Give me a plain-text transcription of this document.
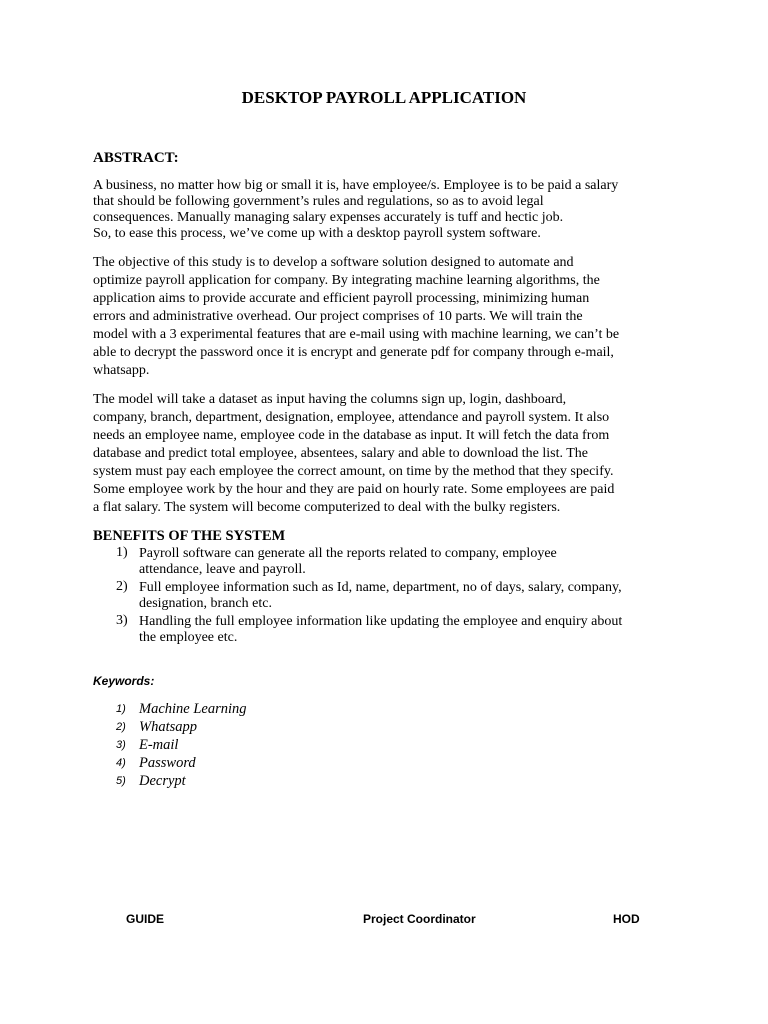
DESKTOP PAYROLL APPLICATION
ABSTRACT:
A business, no matter how big or small it is, have employee/s. Employee is to be paid a salary
that should be following government’s rules and regulations, so as to avoid legal
consequences. Manually managing salary expenses accurately is tuff and hectic job.
So, to ease this process, we’ve come up with a desktop payroll system software.
The objective of this study is to develop a software solution designed to automate and
optimize payroll application for company. By integrating machine learning algorithms, the
application aims to provide accurate and efficient payroll processing, minimizing human
errors and administrative overhead. Our project comprises of 10 parts. We will train the
model with a 3 experimental features that are e-mail using with machine learning, we can’t be
able to decrypt the password once it is encrypt and generate pdf for company through e-mail,
whatsapp.
The model will take a dataset as input having the columns sign up, login, dashboard,
company, branch, department, designation, employee, attendance and payroll system. It also
needs an employee name, employee code in the database as input. It will fetch the data from
database and predict total employee, absentees, salary and able to download the list. The
system must pay each employee the correct amount, on time by the method that they specify.
Some employee work by the hour and they are paid on hourly rate. Some employees are paid
a flat salary. The system will become computerized to deal with the bulky registers.
BENEFITS OF THE SYSTEM
1) Payroll software can generate all the reports related to company, employee
attendance, leave and payroll.
2) Full employee information such as Id, name, department, no of days, salary, company,
designation, branch etc.
3) Handling the full employee information like updating the employee and enquiry about
the employee etc.
Keywords:
1) Machine Learning
2) Whatsapp
3) E-mail
4) Password
5) Decrypt
GUIDE	Project Coordinator	HOD
